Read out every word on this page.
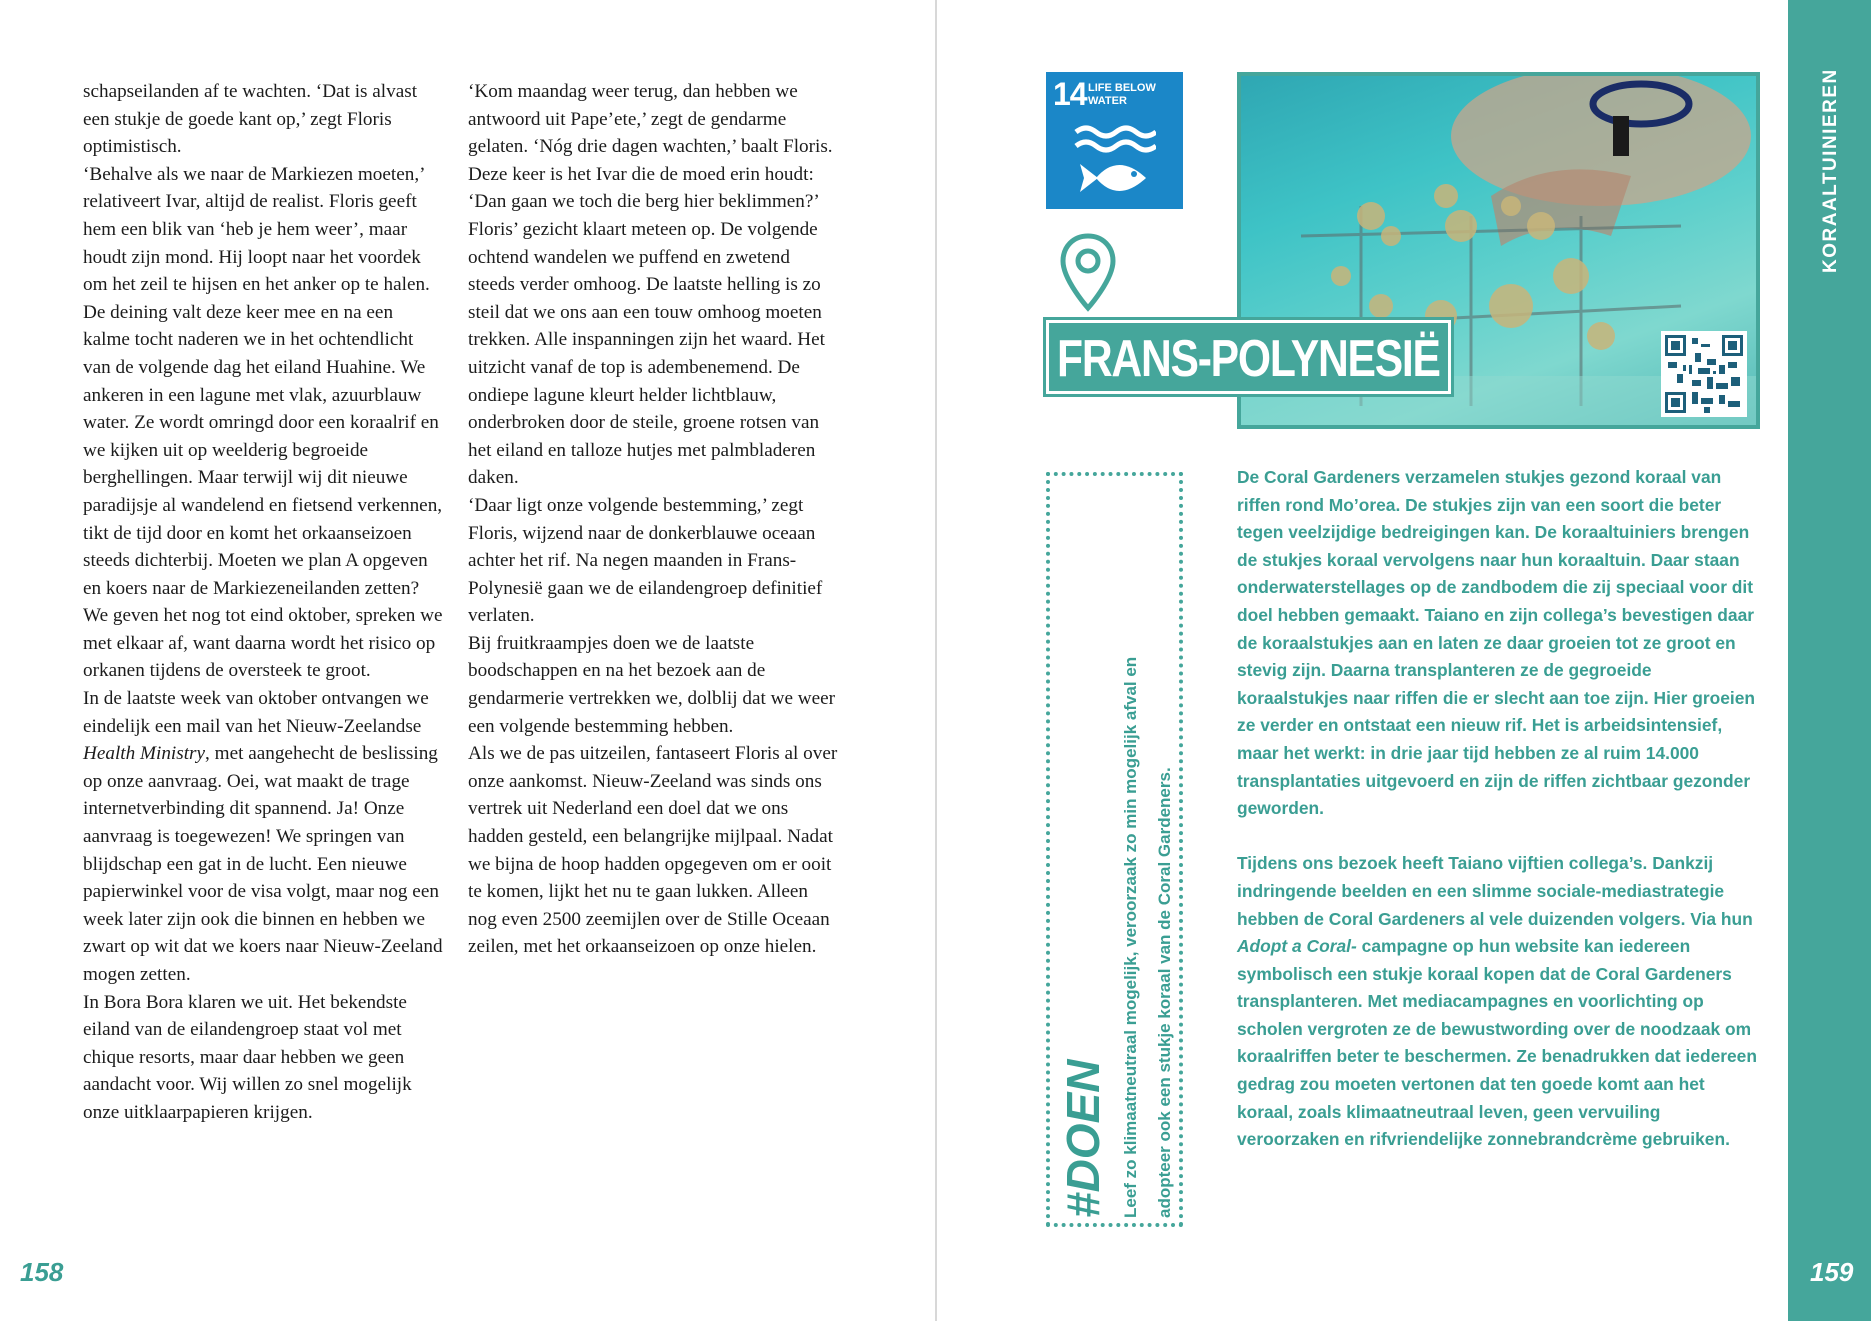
schapseilanden af te wachten. ‘Dat is alvast een stukje de goede kant op,’ zegt Floris optimistisch.

‘Behalve als we naar de Markiezen moeten,’ relativeert Ivar, altijd de realist. Floris geeft hem een blik van ‘heb je hem weer’, maar houdt zijn mond. Hij loopt naar het voordek om het zeil te hijsen en het anker op te halen. De deining valt deze keer mee en na een kalme tocht naderen we in het ochtendlicht van de volgende dag het eiland Huahine. We ankeren in een lagune met vlak, azuurblauw water. Ze wordt omringd door een koraalrif en we kijken uit op weelderig begroeide berghellingen. Maar terwijl wij dit nieuwe paradijsje al wandelend en fietsend verkennen, tikt de tijd door en komt het orkaanseizoen steeds dichterbij. Moeten we plan A opgeven en koers naar de Markiezeneilanden zetten? We geven het nog tot eind oktober, spreken we met elkaar af, want daarna wordt het risico op orkanen tijdens de oversteek te groot.

In de laatste week van oktober ontvangen we eindelijk een mail van het Nieuw-Zeelandse Health Ministry, met aangehecht de beslissing op onze aanvraag. Oei, wat maakt de trage internetverbinding dit spannend. Ja! Onze aanvraag is toegewezen! We springen van blijdschap een gat in de lucht. Een nieuwe papierwinkel voor de visa volgt, maar nog een week later zijn ook die binnen en hebben we zwart op wit dat we koers naar Nieuw-Zeeland mogen zetten.

In Bora Bora klaren we uit. Het bekendste eiland van de eilandengroep staat vol met chique resorts, maar daar hebben we geen aandacht voor. Wij willen zo snel mogelijk onze uitklaarpapieren krijgen.

‘Kom maandag weer terug, dan hebben we antwoord uit Pape’ete,’ zegt de gendarme gelaten. ‘Nóg drie dagen wachten,’ baalt Floris.

Deze keer is het Ivar die de moed erin houdt: ‘Dan gaan we toch die berg hier beklimmen?’ Floris’ gezicht klaart meteen op. De volgende ochtend wandelen we puffend en zwetend steeds verder omhoog. De laatste helling is zo steil dat we ons aan een touw omhoog moeten trekken. Alle inspanningen zijn het waard. Het uitzicht vanaf de top is adembenemend. De ondiepe lagune kleurt helder lichtblauw, onderbroken door de steile, groene rotsen van het eiland en talloze hutjes met palmbladeren daken.

‘Daar ligt onze volgende bestemming,’ zegt Floris, wijzend naar de donkerblauwe oceaan achter het rif. Na negen maanden in Frans-Polynesië gaan we de eilandengroep definitief verlaten.

Bij fruitkraampjes doen we de laatste boodschappen en na het bezoek aan de gendarmerie vertrekken we, dolblij dat we weer een volgende bestemming hebben.

Als we de pas uitzeilen, fantaseert Floris al over onze aankomst. Nieuw-Zeeland was sinds ons vertrek uit Nederland een doel dat we ons hadden gesteld, een belangrijke mijlpaal. Nadat we bijna de hoop hadden opgegeven om er ooit te komen, lijkt het nu te gaan lukken. Alleen nog even 2500 zeemijlen over de Stille Oceaan zeilen, met het orkaanseizoen op onze hielen.

158
KORAALTUINIEREN
159
14 LIFE BELOW WATER
FRANS-POLYNESIË
#DOEN Leef zo klimaatneutraal mogelijk, veroorzaak zo min mogelijk afval en adopteer ook een stukje koraal van de Coral Gardeners.

De Coral Gardeners verzamelen stukjes gezond koraal van riffen rond Mo’orea. De stukjes zijn van een soort die beter tegen veelzijdige bedreigingen kan. De koraaltuiniers brengen de stukjes koraal vervolgens naar hun koraaltuin. Daar staan onderwaterstellages op de zandbodem die zij speciaal voor dit doel hebben gemaakt. Taiano en zijn collega’s bevestigen daar de koraalstukjes aan en laten ze daar groeien tot ze groot en stevig zijn. Daarna transplanteren ze de gegroeide koraalstukjes naar riffen die er slecht aan toe zijn. Hier groeien ze verder en ontstaat een nieuw rif. Het is arbeidsintensief, maar het werkt: in drie jaar tijd hebben ze al ruim 14.000 transplantaties uitgevoerd en zijn de riffen zichtbaar gezonder geworden.

Tijdens ons bezoek heeft Taiano vijftien collega’s. Dankzij indringende beelden en een slimme sociale-mediastrategie hebben de Coral Gardeners al vele duizenden volgers. Via hun Adopt a Coral- campagne op hun website kan iedereen symbolisch een stukje koraal kopen dat de Coral Gardeners transplanteren. Met mediacampagnes en voorlichting op scholen vergroten ze de bewustwording over de noodzaak om koraalriffen beter te beschermen. Ze benadrukken dat iedereen gedrag zou moeten vertonen dat ten goede komt aan het koraal, zoals klimaatneutraal leven, geen vervuiling veroorzaken en rifvriendelijke zonnebrandcrème gebruiken.
